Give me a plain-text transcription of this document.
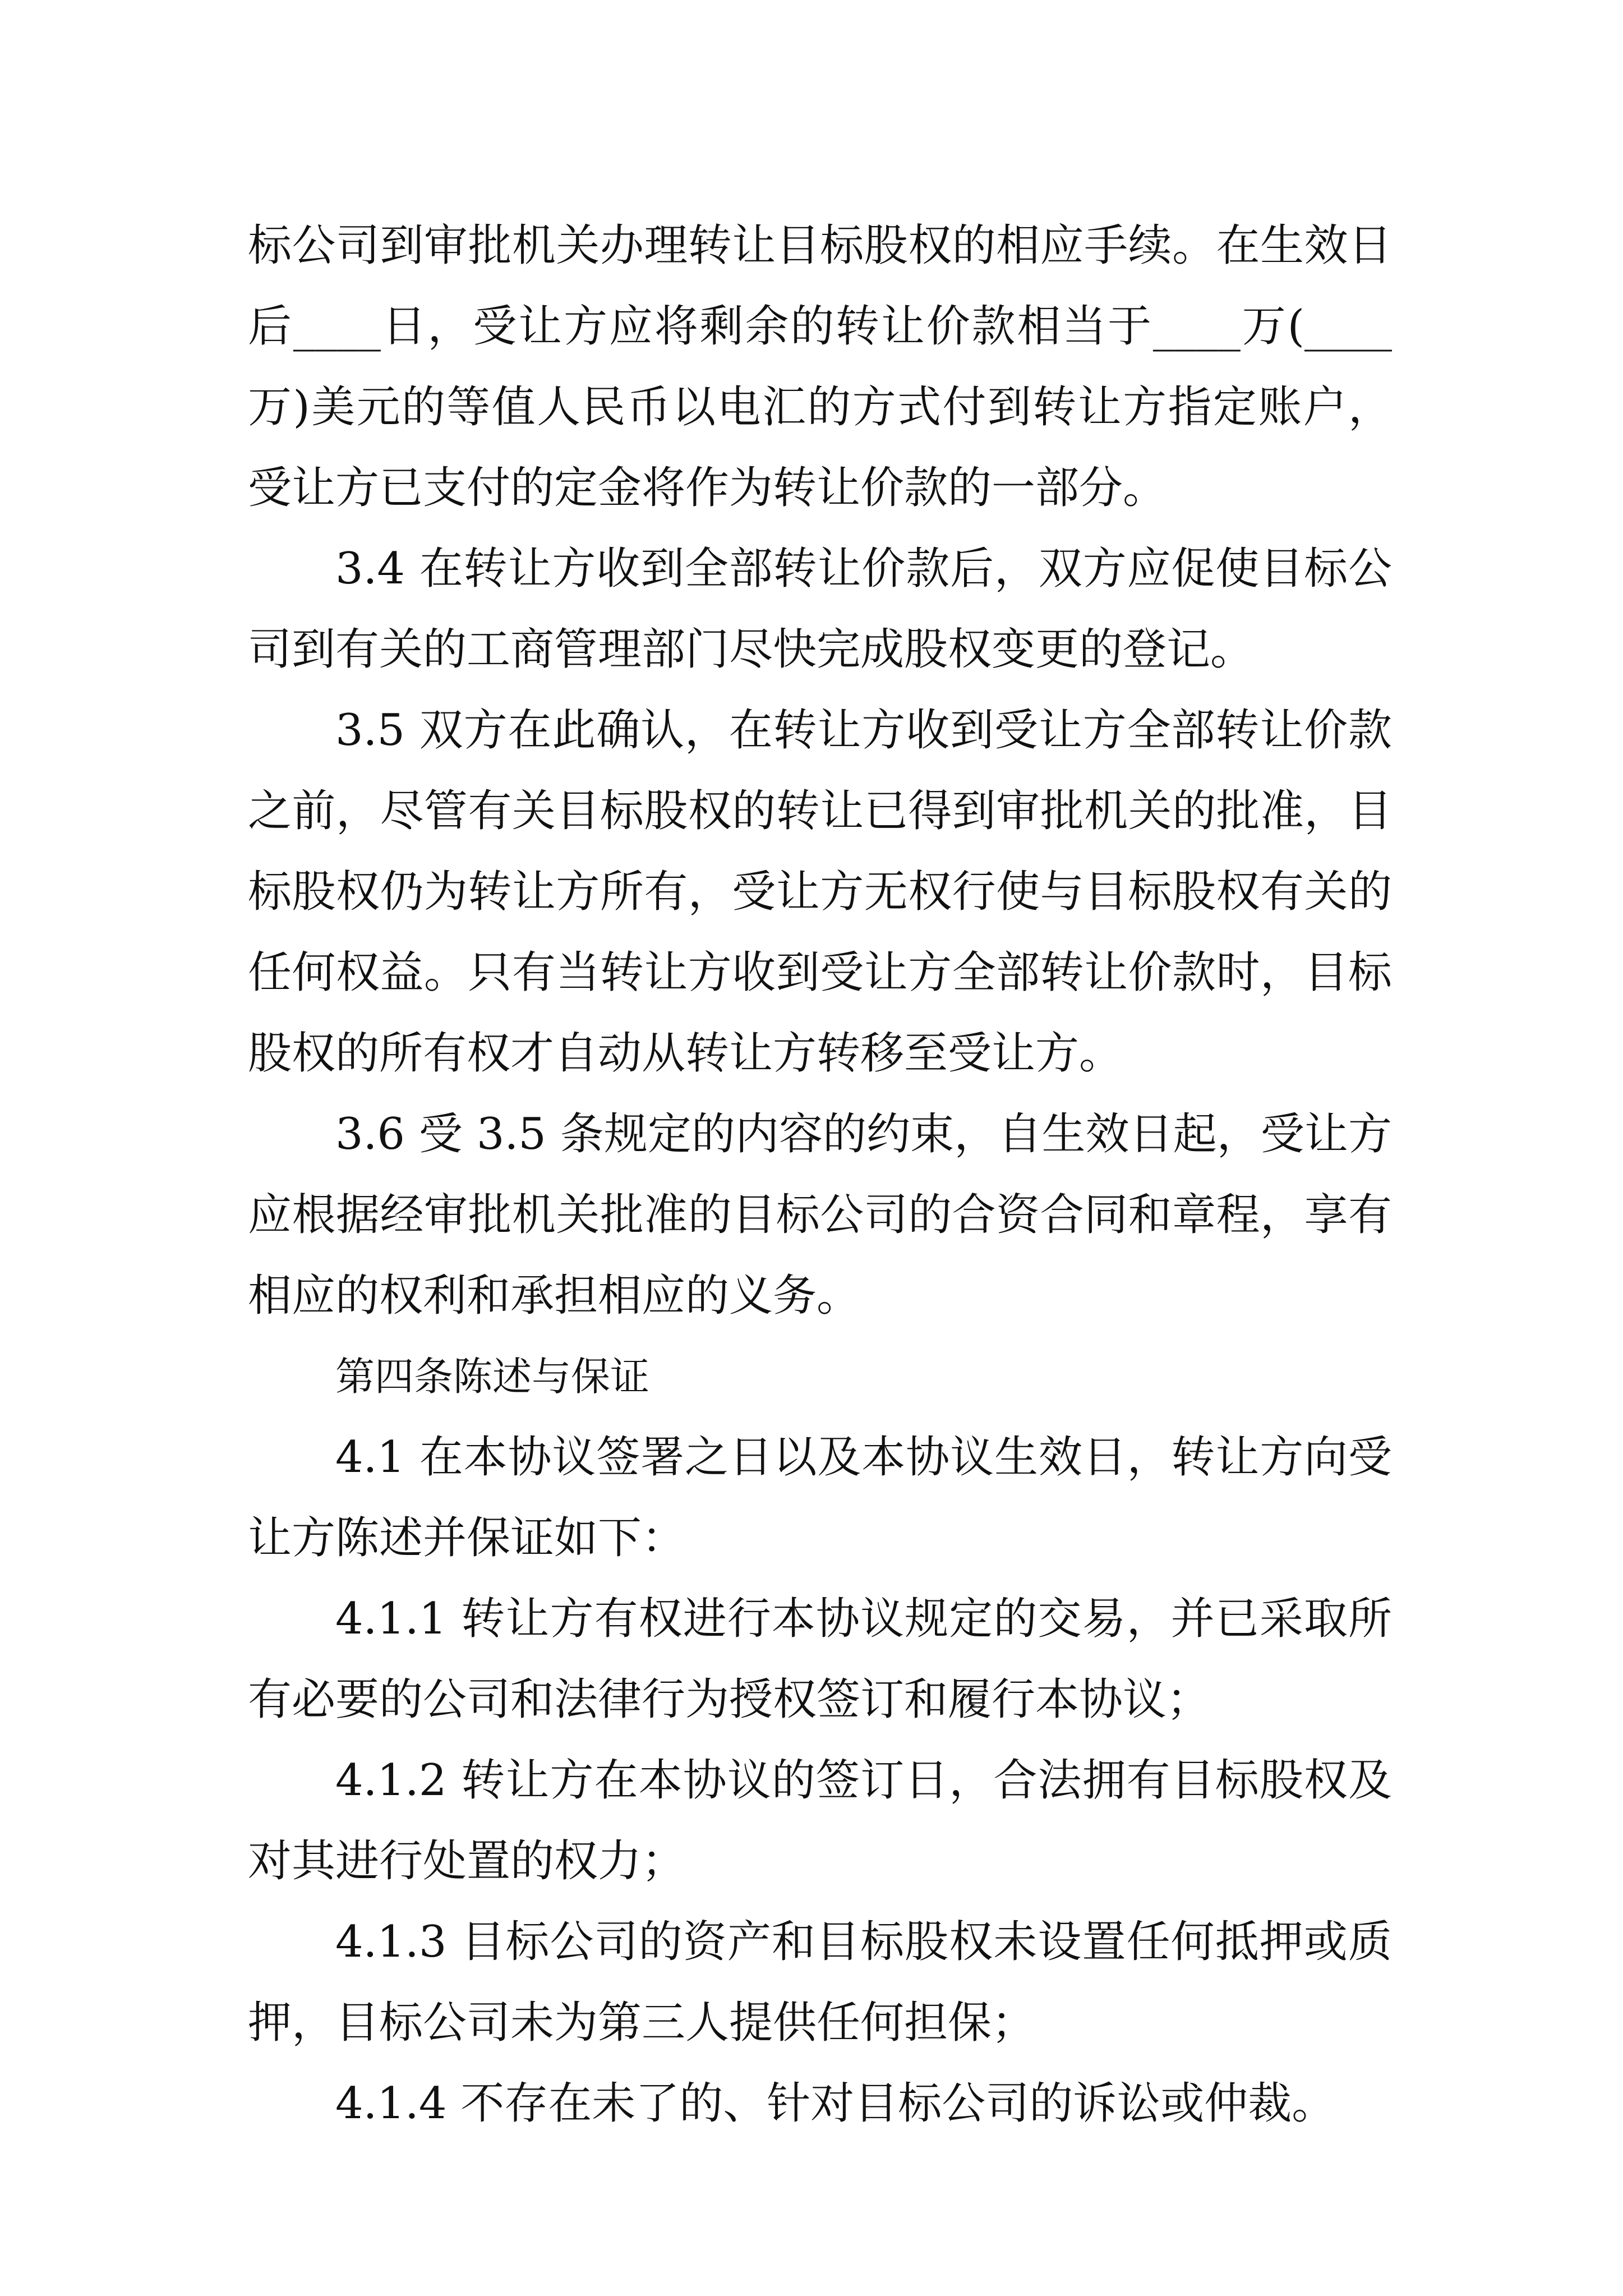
标公司到审批机关办理转让目标股权的相应手续。在生效日后____日，受让方应将剩余的转让价款相当于____万(____万)美元的等值人民币以电汇的方式付到转让方指定账户，受让方已支付的定金将作为转让价款的一部分。

3.4 在转让方收到全部转让价款后，双方应促使目标公司到有关的工商管理部门尽快完成股权变更的登记。

3.5 双方在此确认，在转让方收到受让方全部转让价款之前，尽管有关目标股权的转让已得到审批机关的批准，目标股权仍为转让方所有，受让方无权行使与目标股权有关的任何权益。只有当转让方收到受让方全部转让价款时，目标股权的所有权才自动从转让方转移至受让方。

3.6 受 3.5 条规定的内容的约束，自生效日起，受让方应根据经审批机关批准的目标公司的合资合同和章程，享有相应的权利和承担相应的义务。

第四条陈述与保证

4.1 在本协议签署之日以及本协议生效日，转让方向受让方陈述并保证如下：

4.1.1 转让方有权进行本协议规定的交易，并已采取所有必要的公司和法律行为授权签订和履行本协议；

4.1.2 转让方在本协议的签订日，合法拥有目标股权及对其进行处置的权力；

4.1.3 目标公司的资产和目标股权未设置任何抵押或质押，目标公司未为第三人提供任何担保；

4.1.4 不存在未了的、针对目标公司的诉讼或仲裁。
